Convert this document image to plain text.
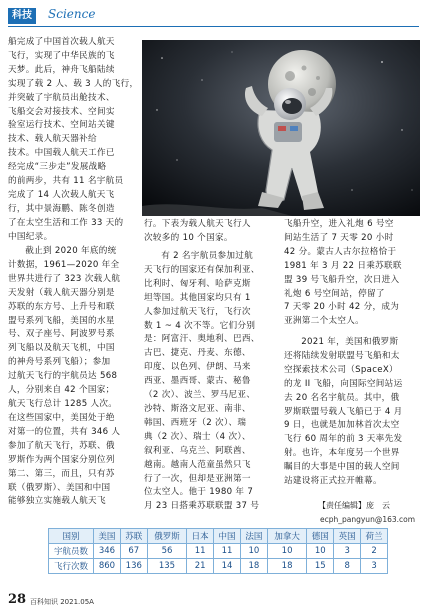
科技	Science

船完成了中国首次载人航天
飞行，实现了中华民族的飞
天梦。此后，神舟飞船陆续
实现了载 2 人、载 3 人的飞行，
并突破了宇航员出舱技术、
飞船交会对接技术、空间实
验室运行技术、空间站关键
技术、载人航天器补给
技术。中国载人航天工作已
经完成“三步走”发展战略
的前两步，共有 11 名宇航员
完成了 14 人次载人航天飞
行，其中景海鹏、陈冬创造
了在太空生活和工作 33 天的
中国纪录。

截止到 2020 年底的统
计数据，1961—2020 年全
世界共进行了 323 次载人航
天发射（载人航天器分别是
苏联的东方号、上升号和联
盟号系列飞船，美国的水星
号、双子座号、阿波罗号系
列飞船以及航天飞机，中国
的神舟号系列飞船）；参加
过航天飞行的宇航员达 568
人，分别来自 42 个国家；
航天飞行总计 1285 人次。

在这些国家中，美国处于绝
对第一的位置，共有 346 人
参加了航天飞行，苏联、俄
罗斯作为两个国家分别位列
第二、第三，而且，只有苏
联（俄罗斯）、美国和中国
能够独立实施载人航天飞

行。下表为载人航天飞行人
次较多的 10 个国家。

有 2 名宇航员参加过航
天飞行的国家还有保加利亚、
比利时、匈牙利、哈萨克斯
坦等国。其他国家均只有 1
人参加过航天飞行，飞行次
数 1 ~ 4 次不等。它们分别
是：阿富汗、奥地利、巴西、
古巴、捷克、丹麦、东德、
印度、以色列、伊朗、马来
西亚、墨西哥、蒙古、秘鲁
（2 次）、波兰、罗马尼亚、
沙特、斯洛文尼亚、南非、
韩国、西班牙（2 次）、瑞
典（2 次）、瑞士（4 次）、
叙利亚、乌克兰、阿联酋、
越南。越南人范童虽然只飞
行了一次，但却是亚洲第一
位太空人。他于 1980 年 7
月 23 日搭乘苏联联盟 37 号

飞船升空，进入礼炮 6 号空
间站生活了 7 天零 20 小时
42 分。蒙古人古尔拉格恰于
1981 年 3 月 22 日乘苏联联
盟 39 号飞船升空，次日进入
礼炮 6 号空间站，停留了
7 天零 20 小时 42 分，成为
亚洲第二个太空人。

2021 年，美国和俄罗斯
还将陆续发射联盟号飞船和太
空探索技术公司（SpaceX）
的龙 II 飞船，向国际空间站运
去 20 名名宇航员。其中，俄
罗斯联盟号载人飞船已于 4 月
9 日，也就是加加林首次太空
飞行 60 周年的前 3 天率先发
射。也许，本年度另一个世界
瞩目的大事是中国的载人空间
站建设将正式拉开帷幕。

【责任编辑】庞　云
ecph_pangyun@163.com
国别	美国	苏联	俄罗斯	日本	中国	法国	加拿大	德国	英国	荷兰
宇航员数	346	67	56	11	11	10	10	10	3	2
飞行次数	860	136	135	21	14	18	18	15	8	3
28 百科知识 2021.05A
